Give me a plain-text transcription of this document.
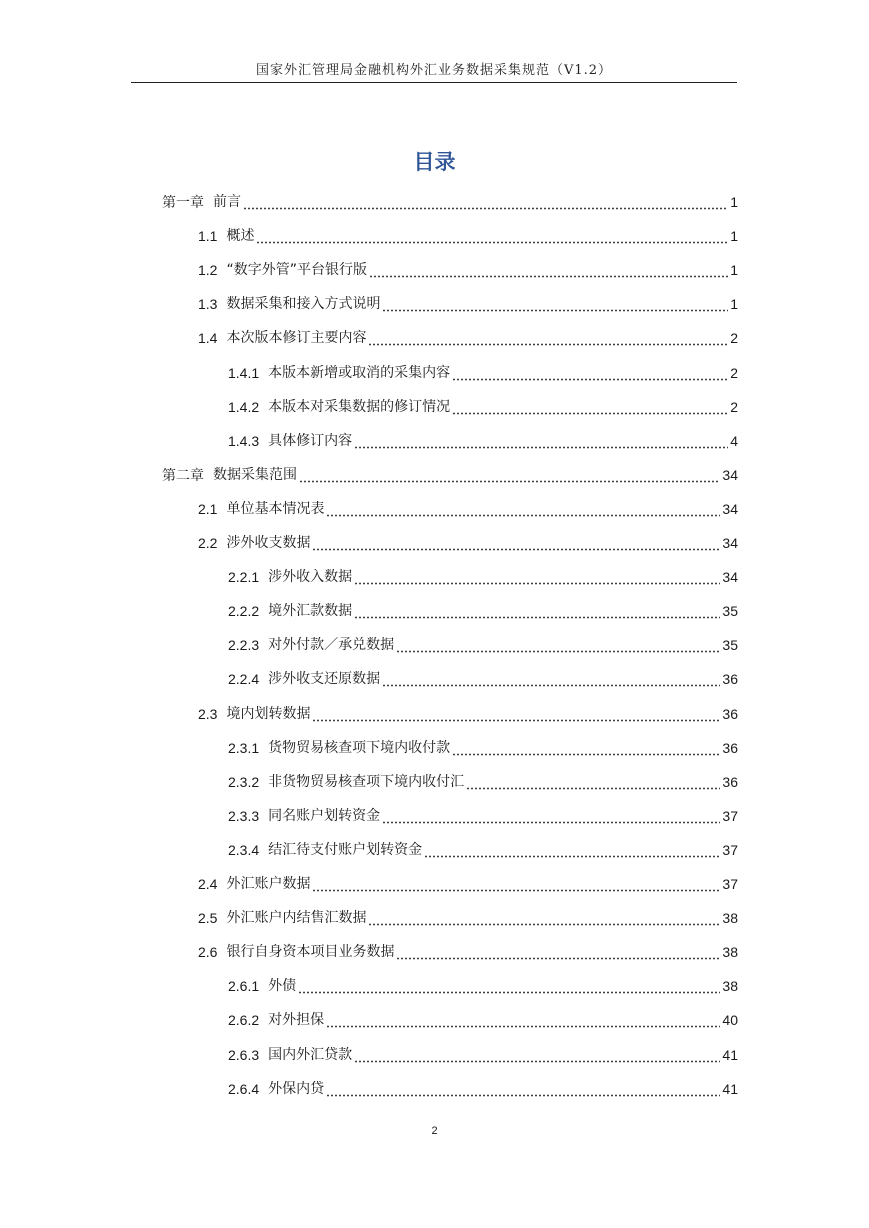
国家外汇管理局金融机构外汇业务数据采集规范（V1.2）
目录
第一章 前言	1
1.1 概述	1
1.2 “数字外管”平台银行版	1
1.3 数据采集和接入方式说明	1
1.4 本次版本修订主要内容	2
1.4.1 本版本新增或取消的采集内容	2
1.4.2 本版本对采集数据的修订情况	2
1.4.3 具体修订内容	4
第二章 数据采集范围	34
2.1 单位基本情况表	34
2.2 涉外收支数据	34
2.2.1 涉外收入数据	34
2.2.2 境外汇款数据	35
2.2.3 对外付款／承兑数据	35
2.2.4 涉外收支还原数据	36
2.3 境内划转数据	36
2.3.1 货物贸易核查项下境内收付款	36
2.3.2 非货物贸易核查项下境内收付汇	36
2.3.3 同名账户划转资金	37
2.3.4 结汇待支付账户划转资金	37
2.4 外汇账户数据	37
2.5 外汇账户内结售汇数据	38
2.6 银行自身资本项目业务数据	38
2.6.1 外债	38
2.6.2 对外担保	40
2.6.3 国内外汇贷款	41
2.6.4 外保内贷	41
2
